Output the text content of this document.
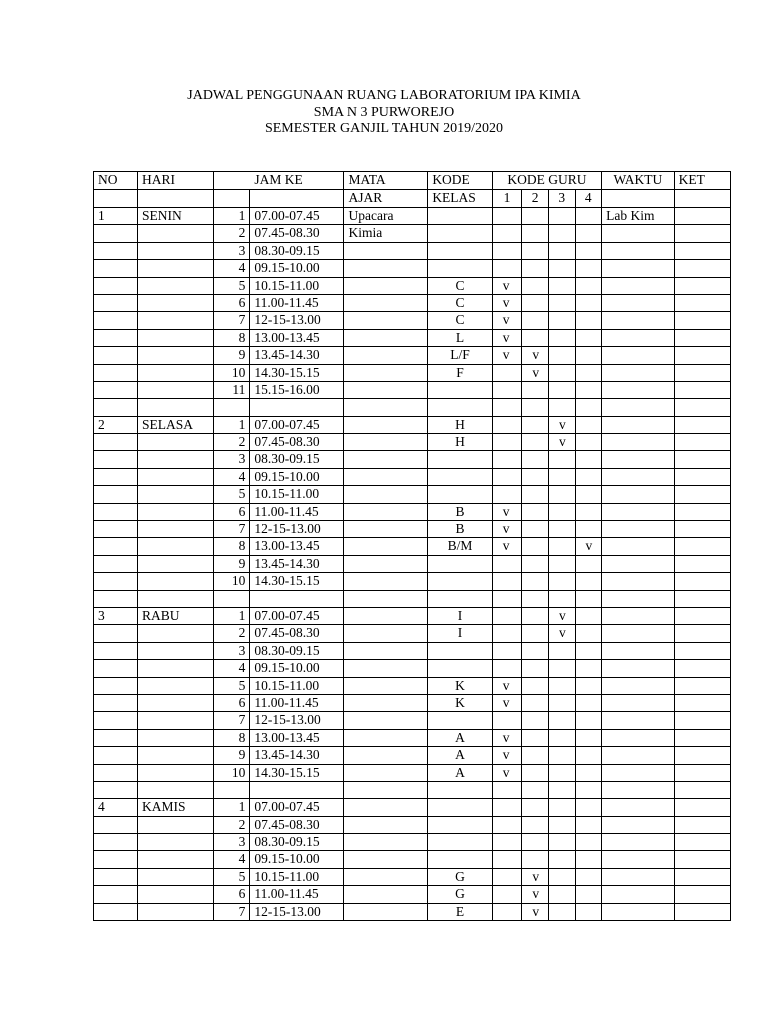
JADWAL PENGGUNAAN RUANG LABORATORIUM IPA KIMIA
SMA N 3 PURWOREJO
SEMESTER GANJIL TAHUN 2019/2020
NO	HARI	JAM KE		MATA	KODE	KODE GURU				WAKTU	KET
				AJAR	KELAS	1	2	3	4		
1	SENIN	1	07.00-07.45	Upacara						Lab Kim	
		2	07.45-08.30	Kimia							
		3	08.30-09.15								
		4	09.15-10.00								
		5	10.15-11.00		C	v					
		6	11.00-11.45		C	v					
		7	12-15-13.00		C	v					
		8	13.00-13.45		L	v					
		9	13.45-14.30		L/F	v	v				
		10	14.30-15.15		F		v				
		11	15.15-16.00								

2	SELASA	1	07.00-07.45		H			v			
		2	07.45-08.30		H			v			
		3	08.30-09.15								
		4	09.15-10.00								
		5	10.15-11.00								
		6	11.00-11.45		B	v					
		7	12-15-13.00		B	v					
		8	13.00-13.45		B/M	v			v		
		9	13.45-14.30								
		10	14.30-15.15								

3	RABU	1	07.00-07.45		I			v			
		2	07.45-08.30		I			v			
		3	08.30-09.15								
		4	09.15-10.00								
		5	10.15-11.00		K	v					
		6	11.00-11.45		K	v					
		7	12-15-13.00								
		8	13.00-13.45		A	v					
		9	13.45-14.30		A	v					
		10	14.30-15.15		A	v					

4	KAMIS	1	07.00-07.45								
		2	07.45-08.30								
		3	08.30-09.15								
		4	09.15-10.00								
		5	10.15-11.00		G		v				
		6	11.00-11.45		G		v				
		7	12-15-13.00		E		v				
